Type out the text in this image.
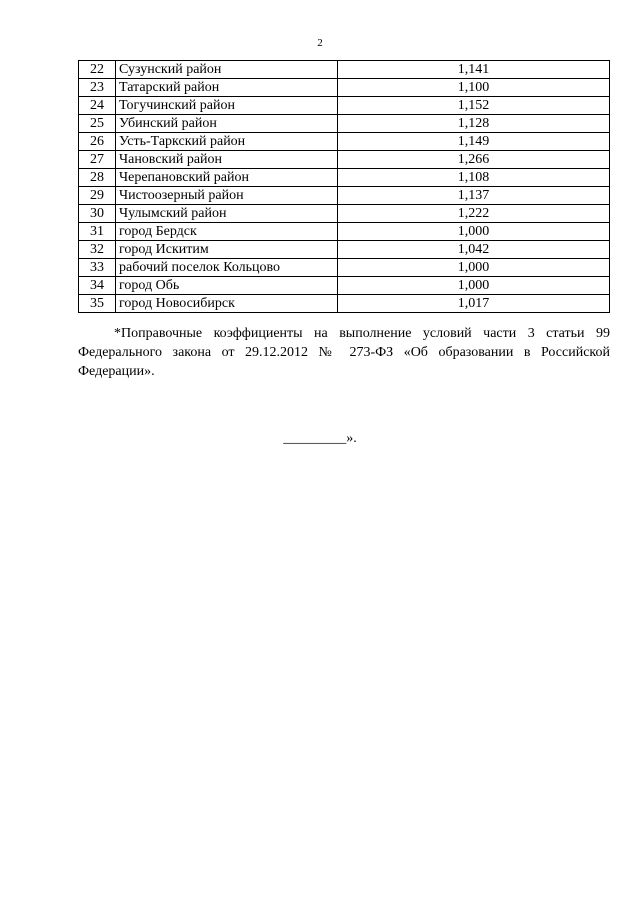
2
22	Сузунский район	1,141
23	Татарский район	1,100
24	Тогучинский район	1,152
25	Убинский район	1,128
26	Усть-Таркский район	1,149
27	Чановский район	1,266
28	Черепановский район	1,108
29	Чистоозерный район	1,137
30	Чулымский район	1,222
31	город Бердск	1,000
32	город Искитим	1,042
33	рабочий поселок Кольцово	1,000
34	город Обь	1,000
35	город Новосибирск	1,017

*Поправочные коэффициенты на выполнение условий части 3 статьи 99 Федерального закона от 29.12.2012 № 273-ФЗ «Об образовании в Российской Федерации».

_________».
